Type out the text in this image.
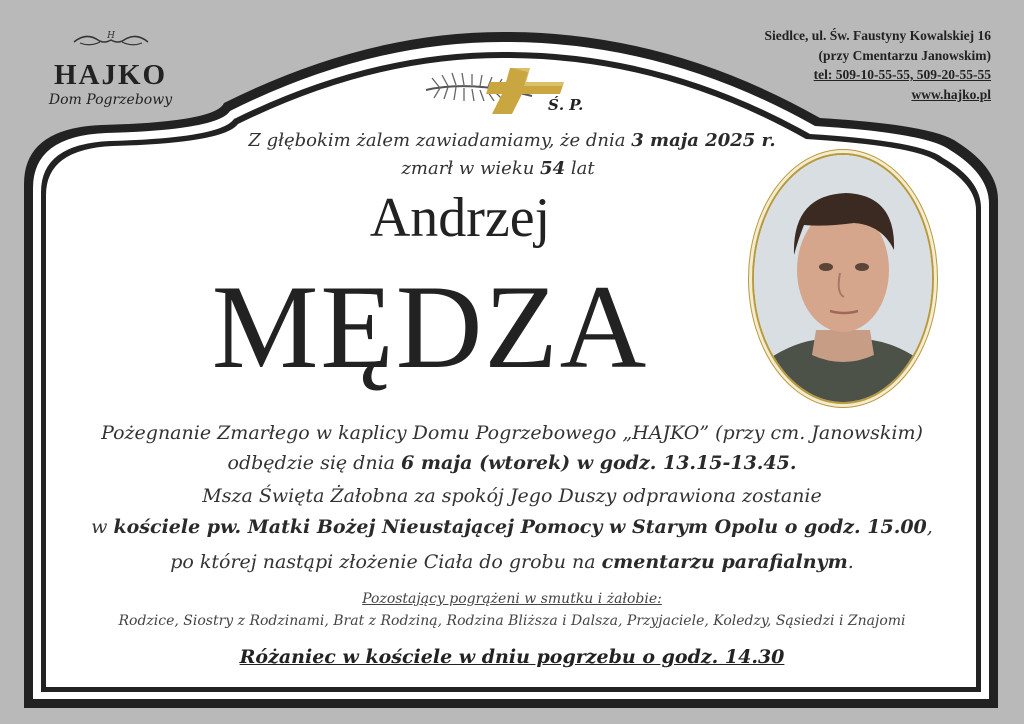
H
HAJKO
Dom Pogrzebowy
Siedlce, ul. Św. Faustyny Kowalskiej 16
(przy Cmentarzu Janowskim)
tel: 509-10-55-55, 509-20-55-55
www.hajko.pl
Ś. P.
Z głębokim żalem zawiadamiamy, że dnia 3 maja 2025 r.
zmarł w wieku 54 lat
Andrzej
MĘDZA
Pożegnanie Zmarłego w kaplicy Domu Pogrzebowego „HAJKO” (przy cm. Janowskim)
odbędzie się dnia 6 maja (wtorek) w godz. 13.15-13.45.
Msza Święta Żałobna za spokój Jego Duszy odprawiona zostanie
w kościele pw. Matki Bożej Nieustającej Pomocy w Starym Opolu o godz. 15.00,
po której nastąpi złożenie Ciała do grobu na cmentarzu parafialnym.
Pozostający pogrążeni w smutku i żałobie:
Rodzice, Siostry z Rodzinami, Brat z Rodziną, Rodzina Bliższa i Dalsza, Przyjaciele, Koledzy, Sąsiedzi i Znajomi
Różaniec w kościele w dniu pogrzebu o godz. 14.30
